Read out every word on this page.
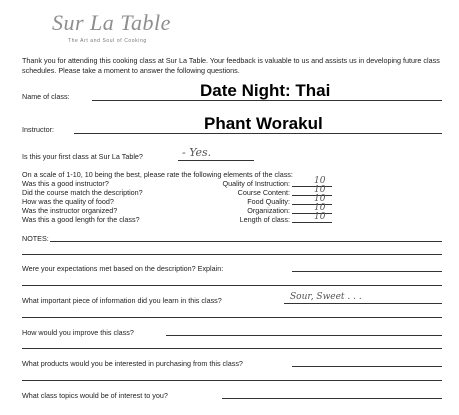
Sur La Table
The Art and Soul of Cooking
Thank you for attending this cooking class at Sur La Table. Your feedback is valuable to us and assists us in developing future class schedules. Please take a moment to answer the following questions.
Name of class:	Date Night: Thai
Instructor:	Phant Worakul
Is this your first class at Sur La Table?	- Yes.
On a scale of 1-10, 10 being the best, please rate the following elements of the class:
Was this a good instructor?	Quality of Instruction:	10
Did the course match the description?	Course Content:	10
How was the quality of food?	Food Quality:	10
Was the instructor organized?	Organization:	10
Was this a good length for the class?	Length of class:	10
NOTES:
Were your expectations met based on the description? Explain:
What important piece of information did you learn in this class?	Sour, Sweet . . .
How would you improve this class?
What products would you be interested in purchasing from this class?
What class topics would be of interest to you?
